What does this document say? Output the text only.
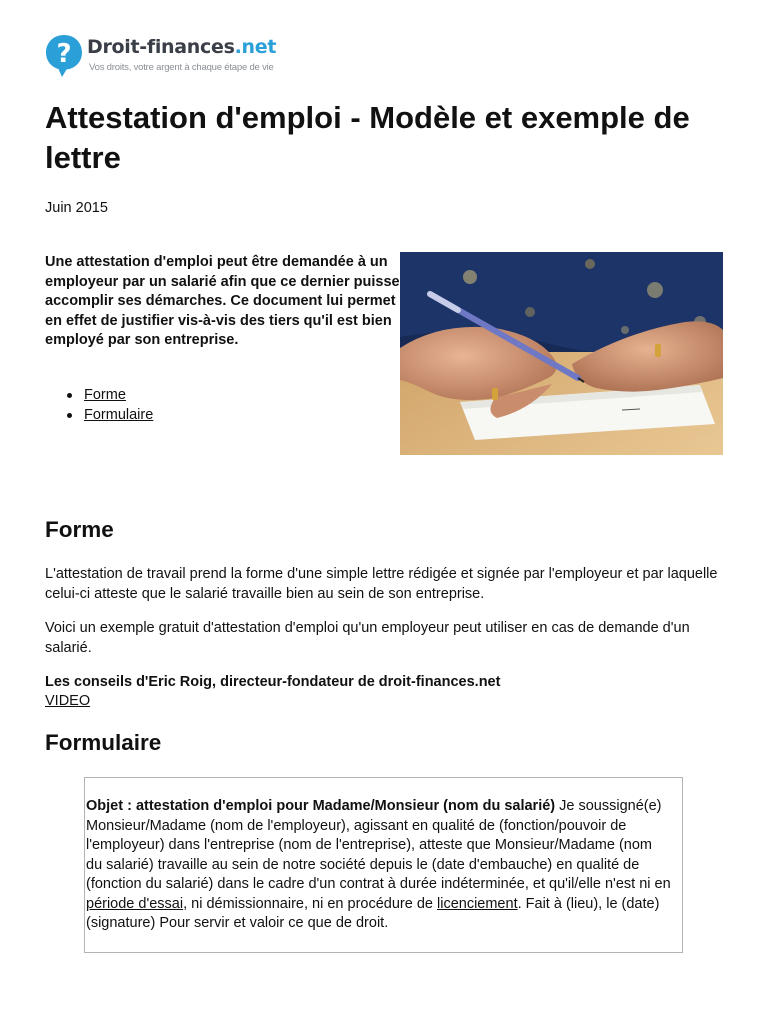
? Droit-finances.net
Vos droits, votre argent à chaque étape de vie
Attestation d'emploi - Modèle et exemple de lettre
Juin 2015

Une attestation d'emploi peut être demandée à un employeur par un salarié afin que ce dernier puisse accomplir ses démarches. Ce document lui permet en effet de justifier vis-à-vis des tiers qu'il est bien employé par son entreprise.

Forme
Formulaire
Forme

L'attestation de travail prend la forme d'une simple lettre rédigée et signée par l'employeur et par laquelle celui-ci atteste que le salarié travaille bien au sein de son entreprise.

Voici un exemple gratuit d'attestation d'emploi qu'un employeur peut utiliser en cas de demande d'un salarié.

Les conseils d'Eric Roig, directeur-fondateur de droit-finances.net

VIDEO
Formulaire

Objet : attestation d'emploi pour Madame/Monsieur (nom du salarié) Je soussigné(e) Monsieur/Madame (nom de l'employeur), agissant en qualité de (fonction/pouvoir de l'employeur) dans l'entreprise (nom de l'entreprise), atteste que Monsieur/Madame (nom du salarié) travaille au sein de notre société depuis le (date d'embauche) en qualité de (fonction du salarié) dans le cadre d'un contrat à durée indéterminée, et qu'il/elle n'est ni en période d'essai, ni démissionnaire, ni en procédure de licenciement. Fait à (lieu), le (date) (signature) Pour servir et valoir ce que de droit.
